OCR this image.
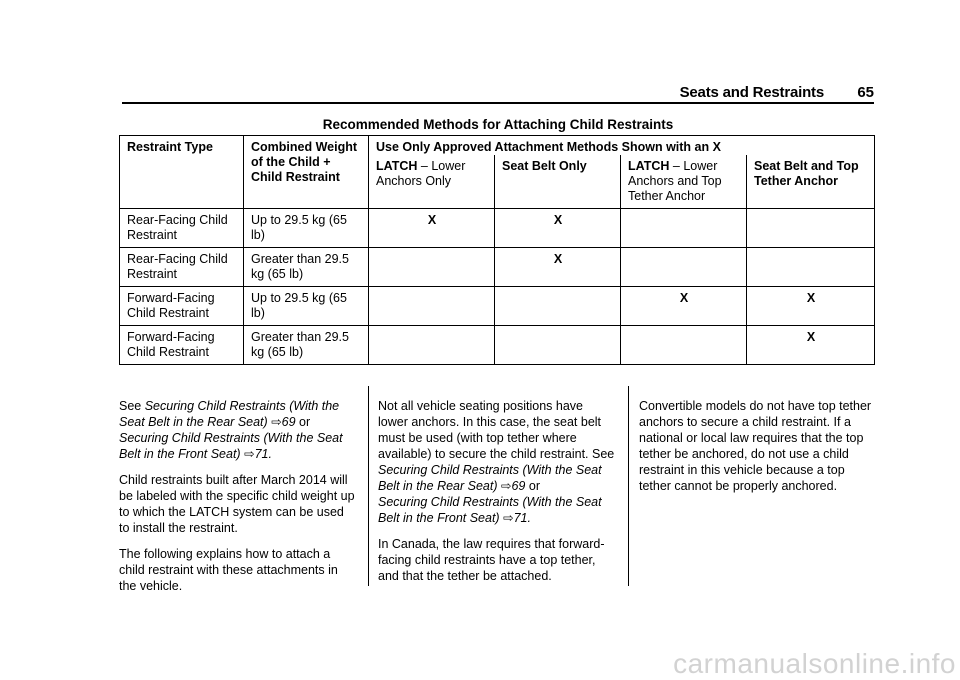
Seats and Restraints 65
Recommended Methods for Attaching Child Restraints
Restraint Type	Combined Weight of the Child + Child Restraint	Use Only Approved Attachment Methods Shown with an X			
		LATCH – Lower Anchors Only	Seat Belt Only	LATCH – Lower Anchors and Top Tether Anchor	Seat Belt and Top Tether Anchor
Rear-Facing Child Restraint	Up to 29.5 kg (65 lb)	X	X		
Rear-Facing Child Restraint	Greater than 29.5 kg (65 lb)		X		
Forward-Facing Child Restraint	Up to 29.5 kg (65 lb)			X	X
Forward-Facing Child Restraint	Greater than 29.5 kg (65 lb)				X

See Securing Child Restraints (With the Seat Belt in the Rear Seat) ⇨69 or
Securing Child Restraints (With the Seat Belt in the Front Seat) ⇨71.

Child restraints built after March 2014 will be labeled with the specific child weight up to which the LATCH system can be used to install the restraint.

The following explains how to attach a child restraint with these attachments in the vehicle.

Not all vehicle seating positions have lower anchors. In this case, the seat belt must be used (with top tether where available) to secure the child restraint. See Securing Child Restraints (With the Seat Belt in the Rear Seat) ⇨69 or
Securing Child Restraints (With the Seat Belt in the Front Seat) ⇨71.

In Canada, the law requires that forward-facing child restraints have a top tether, and that the tether be attached.

Convertible models do not have top tether anchors to secure a child restraint. If a national or local law requires that the top tether be anchored, do not use a child restraint in this vehicle because a top tether cannot be properly anchored.

carmanualsonline.info
